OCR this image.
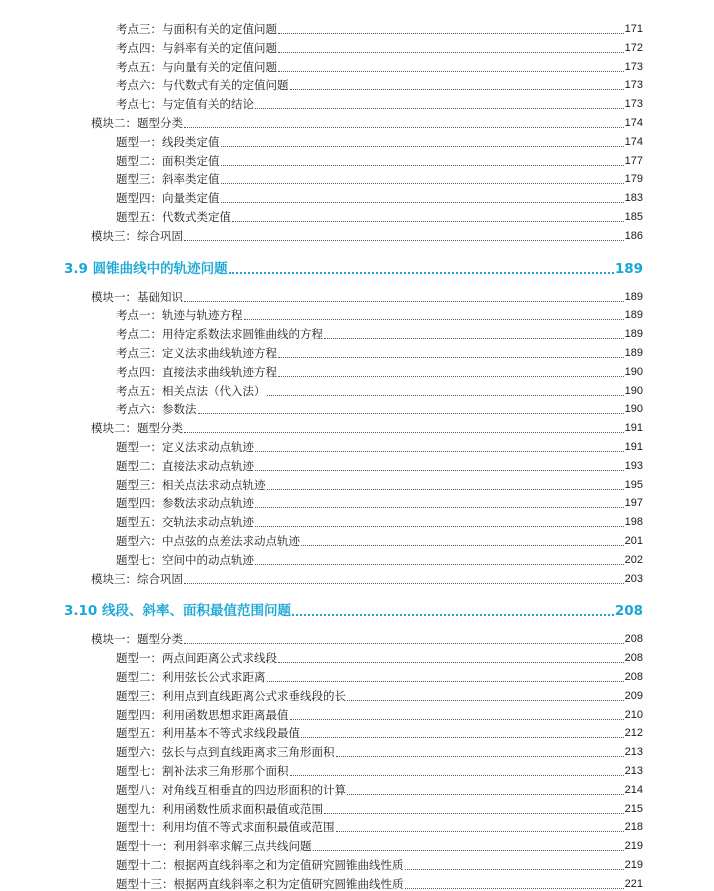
考点三：与面积有关的定值问题	171
考点四：与斜率有关的定值问题	172
考点五：与向量有关的定值问题	173
考点六：与代数式有关的定值问题	173
考点七：与定值有关的结论	173
模块二：题型分类	174
题型一：线段类定值	174
题型二：面积类定值	177
题型三：斜率类定值	179
题型四：向量类定值	183
题型五：代数式类定值	185
模块三：综合巩固	186
3.9 圆锥曲线中的轨迹问题	189
模块一：基础知识	189
考点一：轨迹与轨迹方程	189
考点二：用待定系数法求圆锥曲线的方程	189
考点三：定义法求曲线轨迹方程	189
考点四：直接法求曲线轨迹方程	190
考点五：相关点法（代入法）	190
考点六：参数法	190
模块二：题型分类	191
题型一：定义法求动点轨迹	191
题型二：直接法求动点轨迹	193
题型三：相关点法求动点轨迹	195
题型四：参数法求动点轨迹	197
题型五：交轨法求动点轨迹	198
题型六：中点弦的点差法求动点轨迹	201
题型七：空间中的动点轨迹	202
模块三：综合巩固	203
3.10 线段、斜率、面积最值范围问题	208
模块一：题型分类	208
题型一：两点间距离公式求线段	208
题型二：利用弦长公式求距离	208
题型三：利用点到直线距离公式求垂线段的长	209
题型四：利用函数思想求距离最值	210
题型五：利用基本不等式求线段最值	212
题型六：弦长与点到直线距离求三角形面积	213
题型七：割补法求三角形那个面积	213
题型八：对角线互相垂直的四边形面积的计算	214
题型九：利用函数性质求面积最值或范围	215
题型十：利用均值不等式求面积最值或范围	218
题型十一：利用斜率求解三点共线问题	219
题型十二：根据两直线斜率之和为定值研究圆锥曲线性质	219
题型十三：根据两直线斜率之积为定值研究圆锥曲线性质	221
